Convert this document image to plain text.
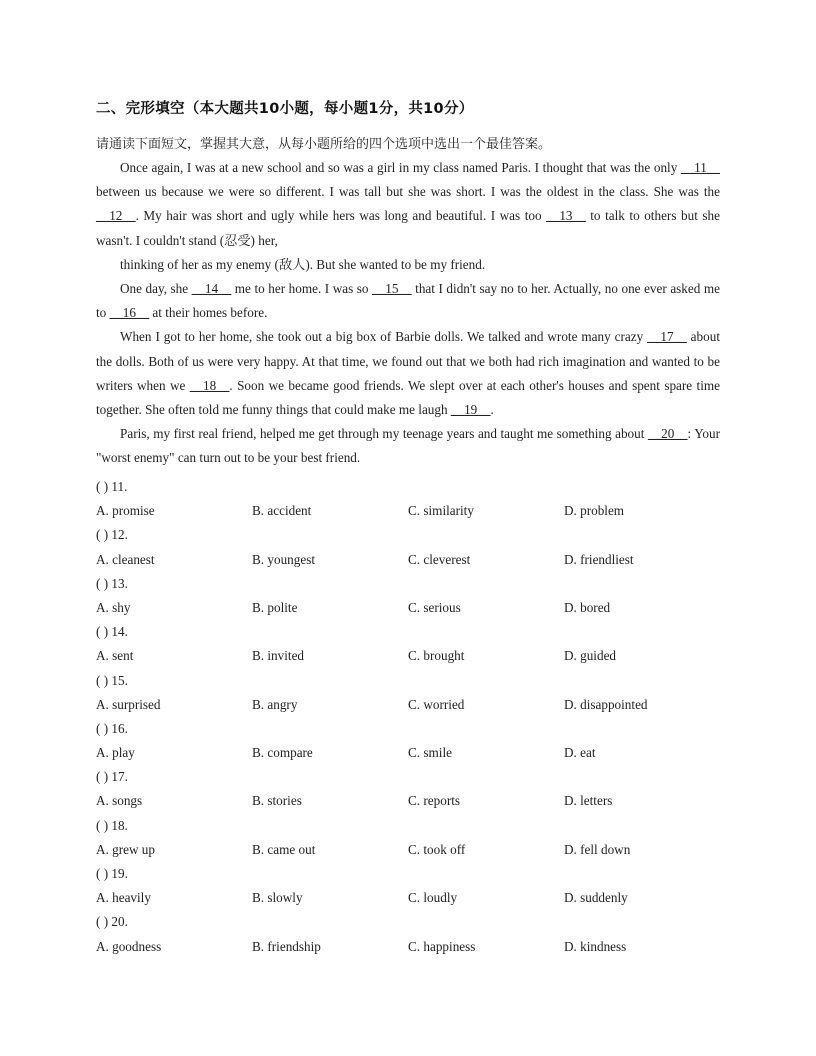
二、完形填空（本大题共10小题，每小题1分，共10分）
请通读下面短文，掌握其大意，从每小题所给的四个选项中选出一个最佳答案。

Once again, I was at a new school and so was a girl in my class named Paris. I thought that was the only __11__ between us because we were so different. I was tall but she was short. I was the oldest in the class. She was the __12__. My hair was short and ugly while hers was long and beautiful. I was too __13__ to talk to others but she wasn't. I couldn't stand (忍受) her,

thinking of her as my enemy (敌人). But she wanted to be my friend.

One day, she __14__ me to her home. I was so __15__ that I didn't say no to her. Actually, no one ever asked me to __16__ at their homes before.

When I got to her home, she took out a big box of Barbie dolls. We talked and wrote many crazy __17__ about the dolls. Both of us were very happy. At that time, we found out that we both had rich imagination and wanted to be writers when we __18__. Soon we became good friends. We slept over at each other's houses and spent spare time together. She often told me funny things that could make me laugh __19__.

Paris, my first real friend, helped me get through my teenage years and taught me something about __20__: Your "worst enemy" can turn out to be your best friend.

( ) 11.
A. promise	B. accident	C. similarity	D. problem
( ) 12.
A. cleanest	B. youngest	C. cleverest	D. friendliest
( ) 13.
A. shy	B. polite	C. serious	D. bored
( ) 14.
A. sent	B. invited	C. brought	D. guided
( ) 15.
A. surprised	B. angry	C. worried	D. disappointed
( ) 16.
A. play	B. compare	C. smile	D. eat
( ) 17.
A. songs	B. stories	C. reports	D. letters
( ) 18.
A. grew up	B. came out	C. took off	D. fell down
( ) 19.
A. heavily	B. slowly	C. loudly	D. suddenly
( ) 20.
A. goodness	B. friendship	C. happiness	D. kindness
